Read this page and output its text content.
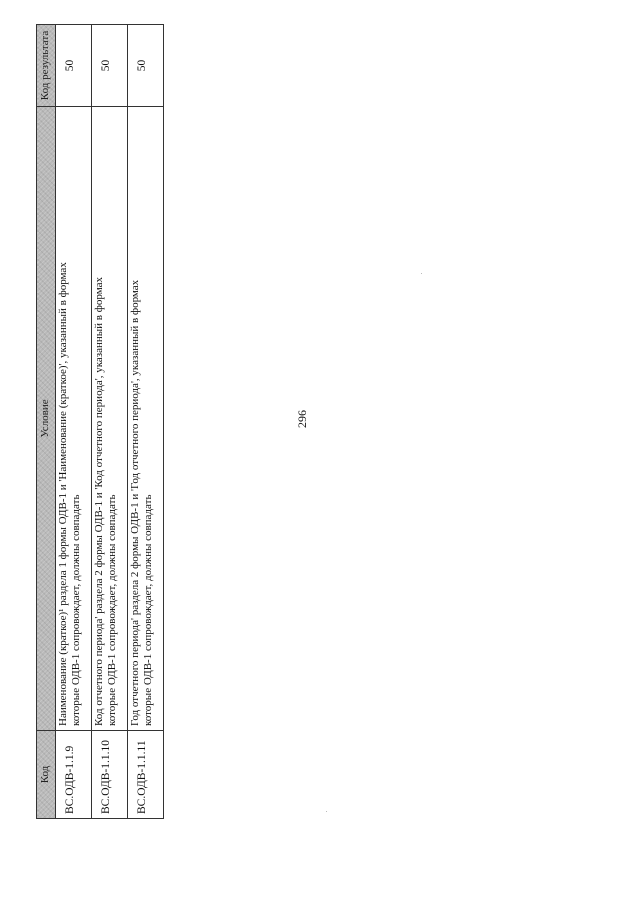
296
Код	Условие	Код результата
ВС.ОДВ-1.1.9	Наименование (краткое)¹ раздела 1 формы ОДВ-1 и 'Наименование (краткое)', указанный в формах которые ОДВ-1 сопровождает, должны совпадать	50
ВС.ОДВ-1.1.10	Код отчетного периода' раздела 2 формы ОДВ-1 и 'Код отчетного периода', указанный в формах которые ОДВ-1 сопровождает, должны совпадать	50
ВС.ОДВ-1.1.11	Год отчетного периода' раздела 2 формы ОДВ-1 и 'Год отчетного периода', указанный в формах которые ОДВ-1 сопровождает, должны совпадать	50
